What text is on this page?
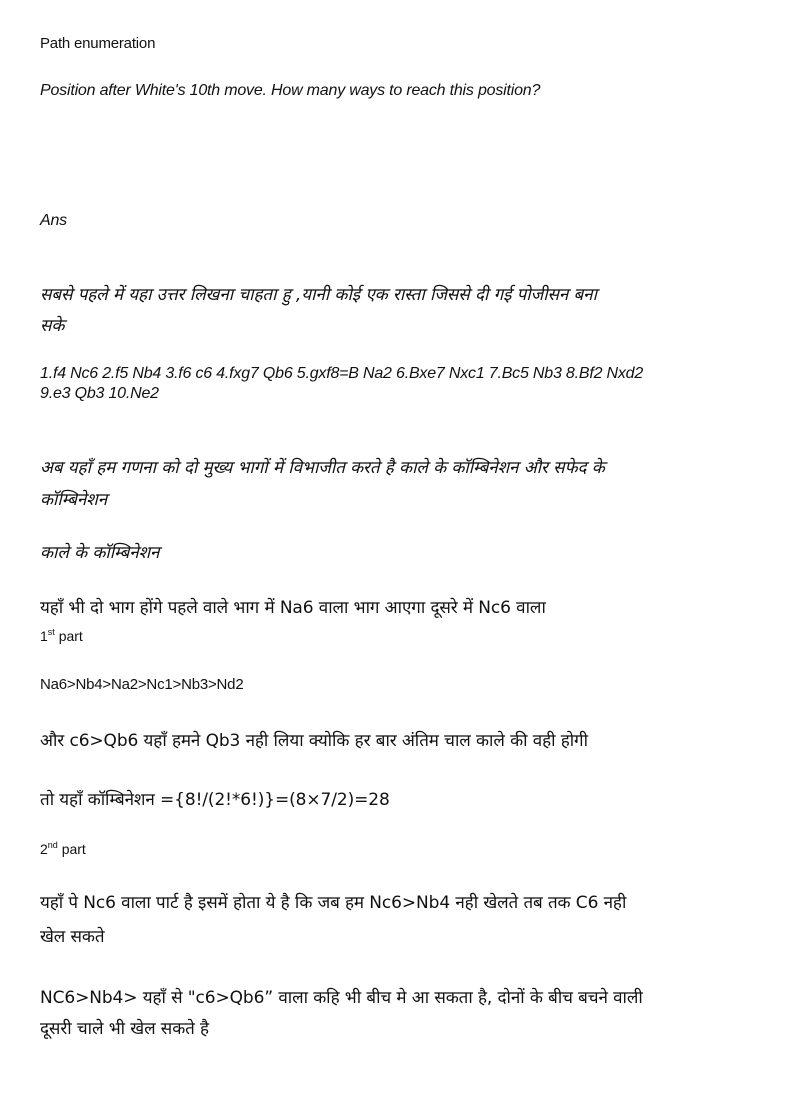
Path enumeration
Position after White's 10th move. How many ways to reach this position?
Ans
सबसे पहले में यहा उत्तर लिखना चाहता हु ,यानी कोई एक रास्ता जिससे दी गई पोजीसन बना
सके
1.f4 Nc6 2.f5 Nb4 3.f6 c6 4.fxg7 Qb6 5.gxf8=B Na2 6.Bxe7 Nxc1 7.Bc5 Nb3 8.Bf2 Nxd2
9.e3 Qb3 10.Ne2
अब यहाँ हम गणना को दो मुख्य भागों में विभाजीत करते है काले के कॉम्बिनेशन और सफेद के
कॉम्बिनेशन
काले के कॉम्बिनेशन
यहाँ भी दो भाग होंगे पहले वाले भाग में Na6 वाला भाग आएगा दूसरे में Nc6 वाला
1st part
Na6>Nb4>Na2>Nc1>Nb3>Nd2
और c6>Qb6 यहाँ हमने Qb3 नही लिया क्योकि हर बार अंतिम चाल काले की वही होगी
तो यहाँ कॉम्बिनेशन ={8!/(2!*6!)}=(8×7/2)=28
2nd part
यहाँ पे Nc6 वाला पार्ट है इसमें होता ये है कि जब हम Nc6>Nb4 नही खेलते तब तक C6 नही
खेल सकते
NC6>Nb4> यहाँ से "c6>Qb6” वाला कहि भी बीच मे आ सकता है, दोनों के बीच बचने वाली
दूसरी चाले भी खेल सकते है
